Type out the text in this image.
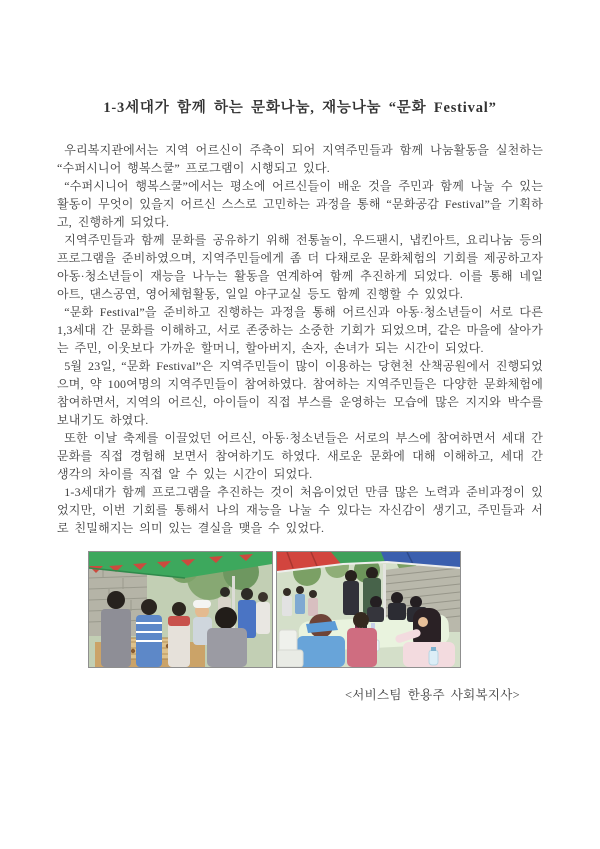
1-3세대가 함께 하는 문화나눔, 재능나눔 “문화 Festival”

우리복지관에서는 지역 어르신이 주축이 되어 지역주민들과 함께 나눔활동을 실천하는 “수퍼시니어 행복스쿨” 프로그램이 시행되고 있다.

“수퍼시니어 행복스쿨”에서는 평소에 어르신들이 배운 것을 주민과 함께 나눌 수 있는 활동이 무엇이 있을지 어르신 스스로 고민하는 과정을 통해 “문화공감 Festival”을 기획하고, 진행하게 되었다.

지역주민들과 함께 문화를 공유하기 위해 전통놀이, 우드팬시, 냅킨아트, 요리나눔 등의 프로그램을 준비하였으며, 지역주민들에게 좀 더 다채로운 문화체험의 기회를 제공하고자 아동·청소년들이 재능을 나누는 활동을 연계하여 함께 추진하게 되었다. 이를 통해 네일아트, 댄스공연, 영어체험활동, 일일 야구교실 등도 함께 진행할 수 있었다.

“문화 Festival”을 준비하고 진행하는 과정을 통해 어르신과 아동·청소년들이 서로 다른 1,3세대 간 문화를 이해하고, 서로 존중하는 소중한 기회가 되었으며, 같은 마을에 살아가는 주민, 이웃보다 가까운 할머니, 할아버지, 손자, 손녀가 되는 시간이 되었다.

5월 23일, “문화 Festival”은 지역주민들이 많이 이용하는 당현천 산책공원에서 진행되었으며, 약 100여명의 지역주민들이 참여하였다. 참여하는 지역주민들은 다양한 문화체험에 참여하면서, 지역의 어르신, 아이들이 직접 부스를 운영하는 모습에 많은 지지와 박수를 보내기도 하였다.

또한 이날 축제를 이끌었던 어르신, 아동·청소년들은 서로의 부스에 참여하면서 세대 간 문화를 직접 경험해 보면서 참여하기도 하였다. 새로운 문화에 대해 이해하고, 세대 간 생각의 차이를 직접 알 수 있는 시간이 되었다.

1-3세대가 함께 프로그램을 추진하는 것이 처음이었던 만큼 많은 노력과 준비과정이 있었지만, 이번 기회를 통해서 나의 재능을 나눌 수 있다는 자신감이 생기고, 주민들과 서로 친밀해지는 의미 있는 결실을 맺을 수 있었다.

<서비스팀 한용주 사회복지사>
